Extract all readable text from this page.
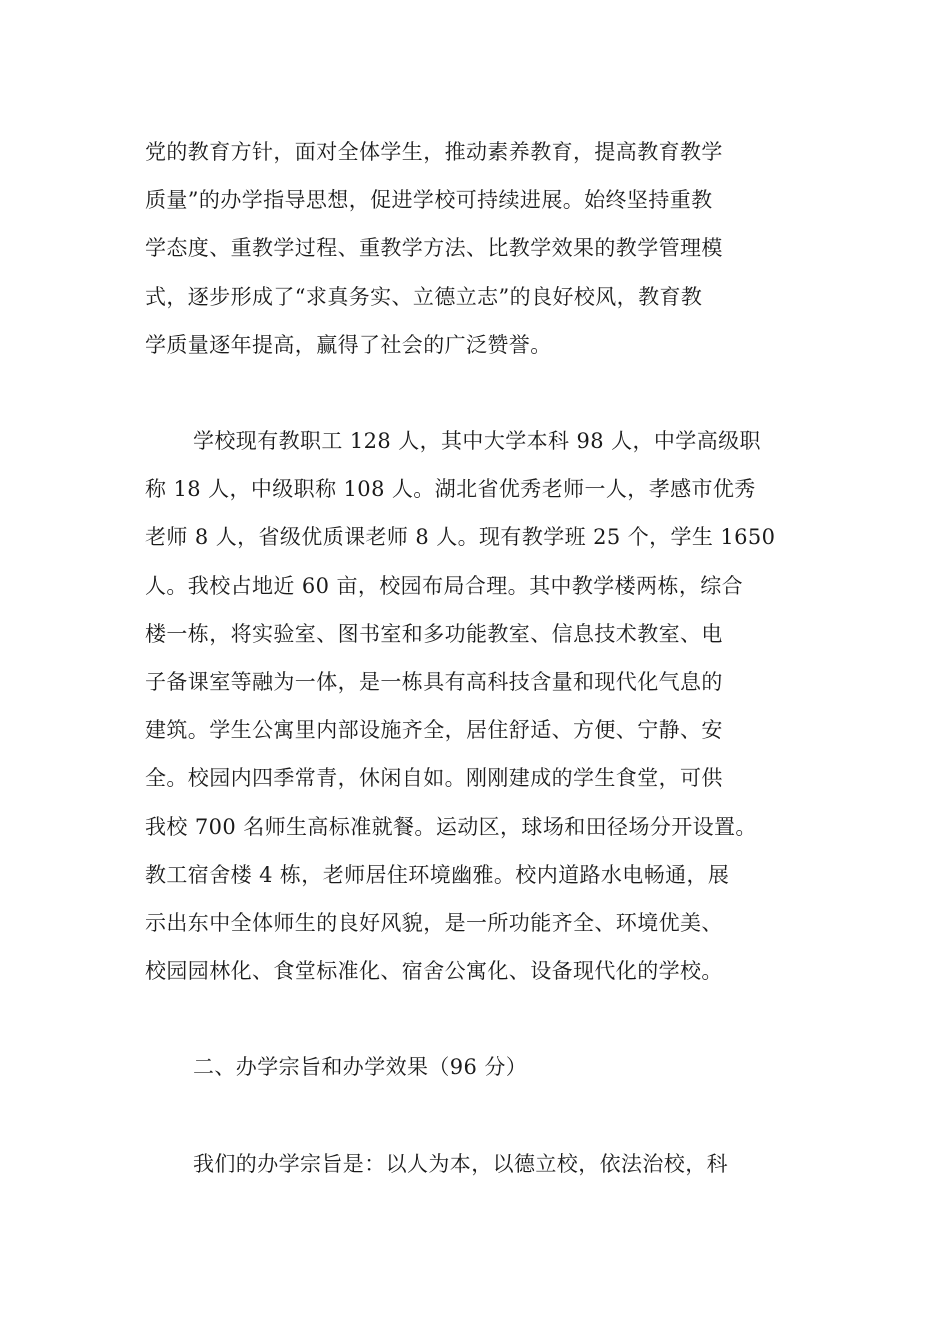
党的教育方针，面对全体学生，推动素养教育，提高教育教学
质量”的办学指导思想，促进学校可持续进展。始终坚持重教
学态度、重教学过程、重教学方法、比教学效果的教学管理模
式，逐步形成了“求真务实、立德立志”的良好校风，教育教
学质量逐年提高，赢得了社会的广泛赞誉。

学校现有教职工 128 人，其中大学本科 98 人，中学高级职
称 18 人，中级职称 108 人。湖北省优秀老师一人，孝感市优秀
老师 8 人，省级优质课老师 8 人。现有教学班 25 个，学生 1650
人。我校占地近 60 亩，校园布局合理。其中教学楼两栋，综合
楼一栋，将实验室、图书室和多功能教室、信息技术教室、电
子备课室等融为一体，是一栋具有高科技含量和现代化气息的
建筑。学生公寓里内部设施齐全，居住舒适、方便、宁静、安
全。校园内四季常青，休闲自如。刚刚建成的学生食堂，可供
我校 700 名师生高标准就餐。运动区，球场和田径场分开设置。
教工宿舍楼 4 栋，老师居住环境幽雅。校内道路水电畅通，展
示出东中全体师生的良好风貌，是一所功能齐全、环境优美、
校园园林化、食堂标准化、宿舍公寓化、设备现代化的学校。

二、办学宗旨和办学效果（96 分）

我们的办学宗旨是：以人为本，以德立校，依法治校，科
